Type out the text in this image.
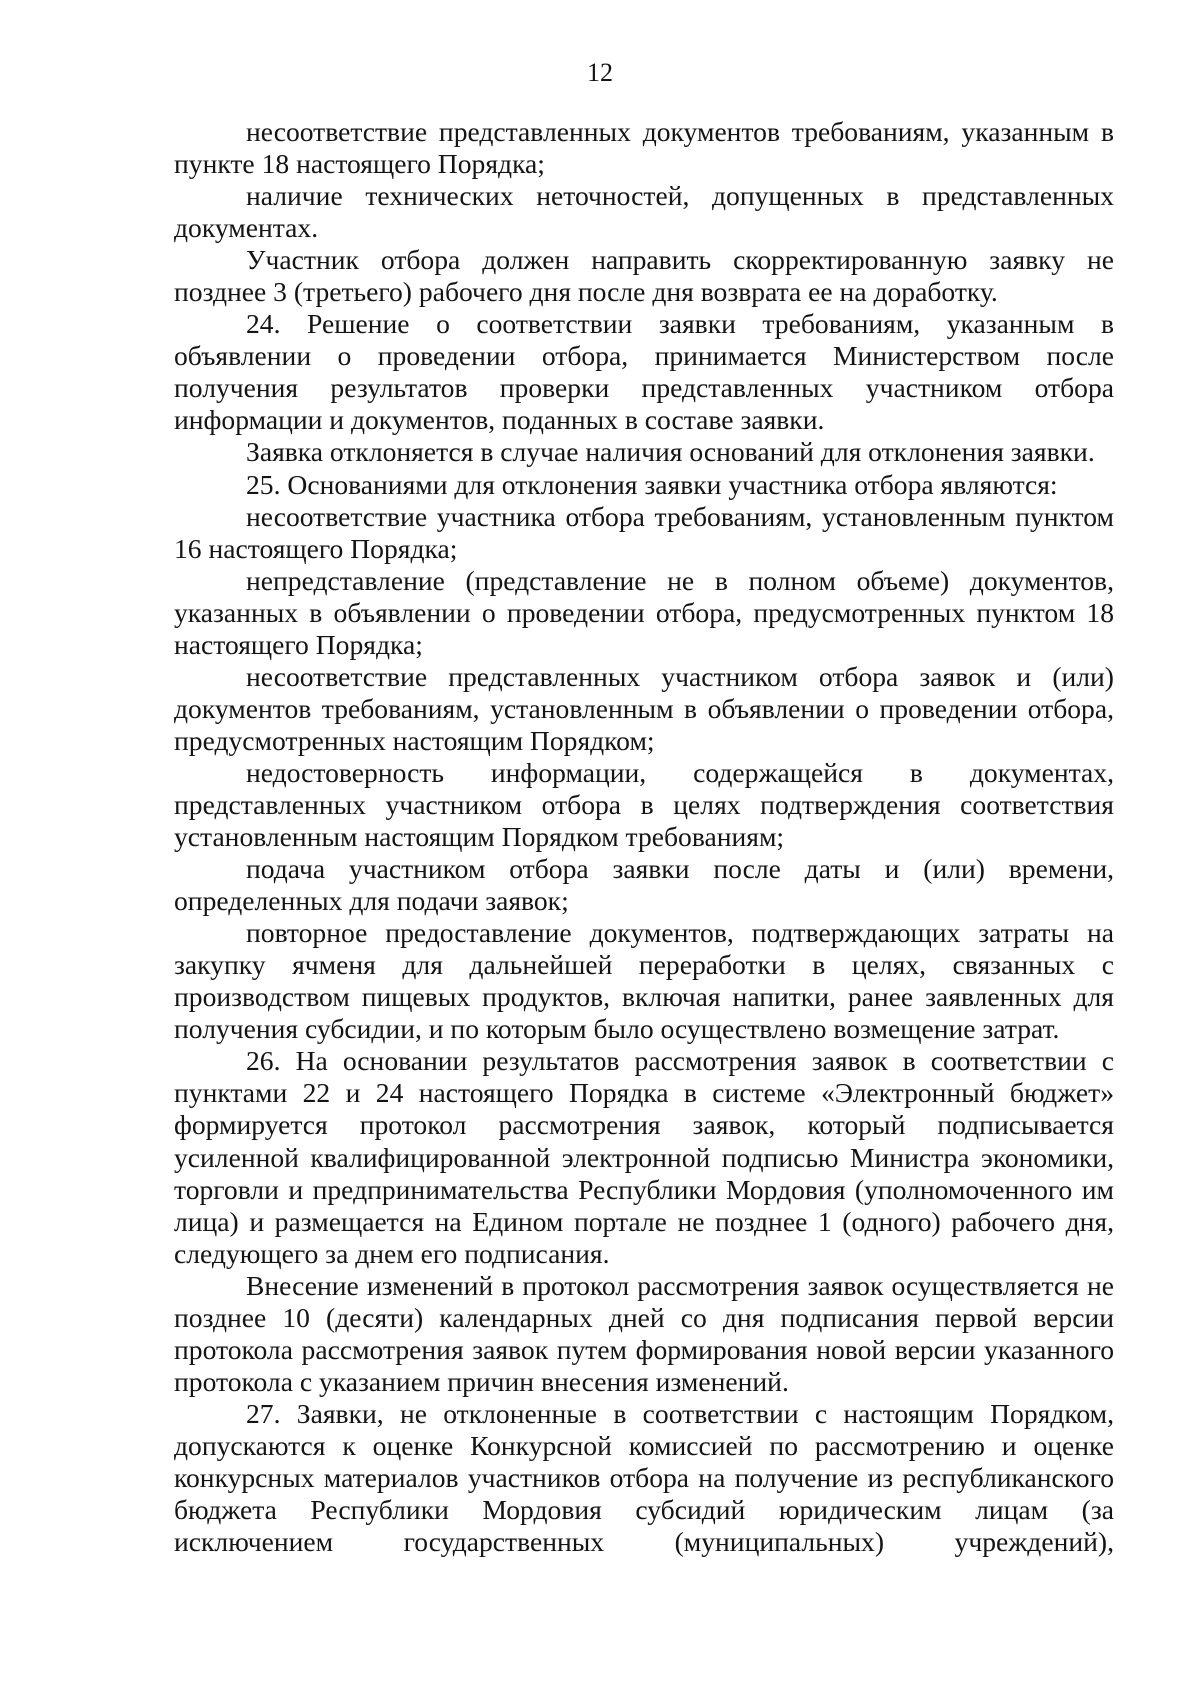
12

несоответствие представленных документов требованиям, указанным в пункте 18 настоящего Порядка;

наличие технических неточностей, допущенных в представленных документах.

Участник отбора должен направить скорректированную заявку не позднее 3 (третьего) рабочего дня после дня возврата ее на доработку.

24. Решение о соответствии заявки требованиям, указанным в объявлении о проведении отбора, принимается Министерством после получения результатов проверки представленных участником отбора информации и документов, поданных в составе заявки.

Заявка отклоняется в случае наличия оснований для отклонения заявки.

25. Основаниями для отклонения заявки участника отбора являются:

несоответствие участника отбора требованиям, установленным пунктом 16 настоящего Порядка;

непредставление (представление не в полном объеме) документов, указанных в объявлении о проведении отбора, предусмотренных пунктом 18 настоящего Порядка;

несоответствие представленных участником отбора заявок и (или) документов требованиям, установленным в объявлении о проведении отбора, предусмотренных настоящим Порядком;

недостоверность информации, содержащейся в документах, представленных участником отбора в целях подтверждения соответствия установленным настоящим Порядком требованиям;

подача участником отбора заявки после даты и (или) времени, определенных для подачи заявок;

повторное предоставление документов, подтверждающих затраты на закупку ячменя для дальнейшей переработки в целях, связанных с производством пищевых продуктов, включая напитки, ранее заявленных для получения субсидии, и по которым было осуществлено возмещение затрат.

26. На основании результатов рассмотрения заявок в соответствии с пунктами 22 и 24 настоящего Порядка в системе «Электронный бюджет» формируется протокол рассмотрения заявок, который подписывается усиленной квалифицированной электронной подписью Министра экономики, торговли и предпринимательства Республики Мордовия (уполномоченного им лица) и размещается на Едином портале не позднее 1 (одного) рабочего дня, следующего за днем его подписания.

Внесение изменений в протокол рассмотрения заявок осуществляется не позднее 10 (десяти) календарных дней со дня подписания первой версии протокола рассмотрения заявок путем формирования новой версии указанного протокола с указанием причин внесения изменений.

27. Заявки, не отклоненные в соответствии с настоящим Порядком, допускаются к оценке Конкурсной комиссией по рассмотрению и оценке конкурсных материалов участников отбора на получение из республиканского бюджета Республики Мордовия субсидий юридическим лицам (за исключением государственных (муниципальных) учреждений),
